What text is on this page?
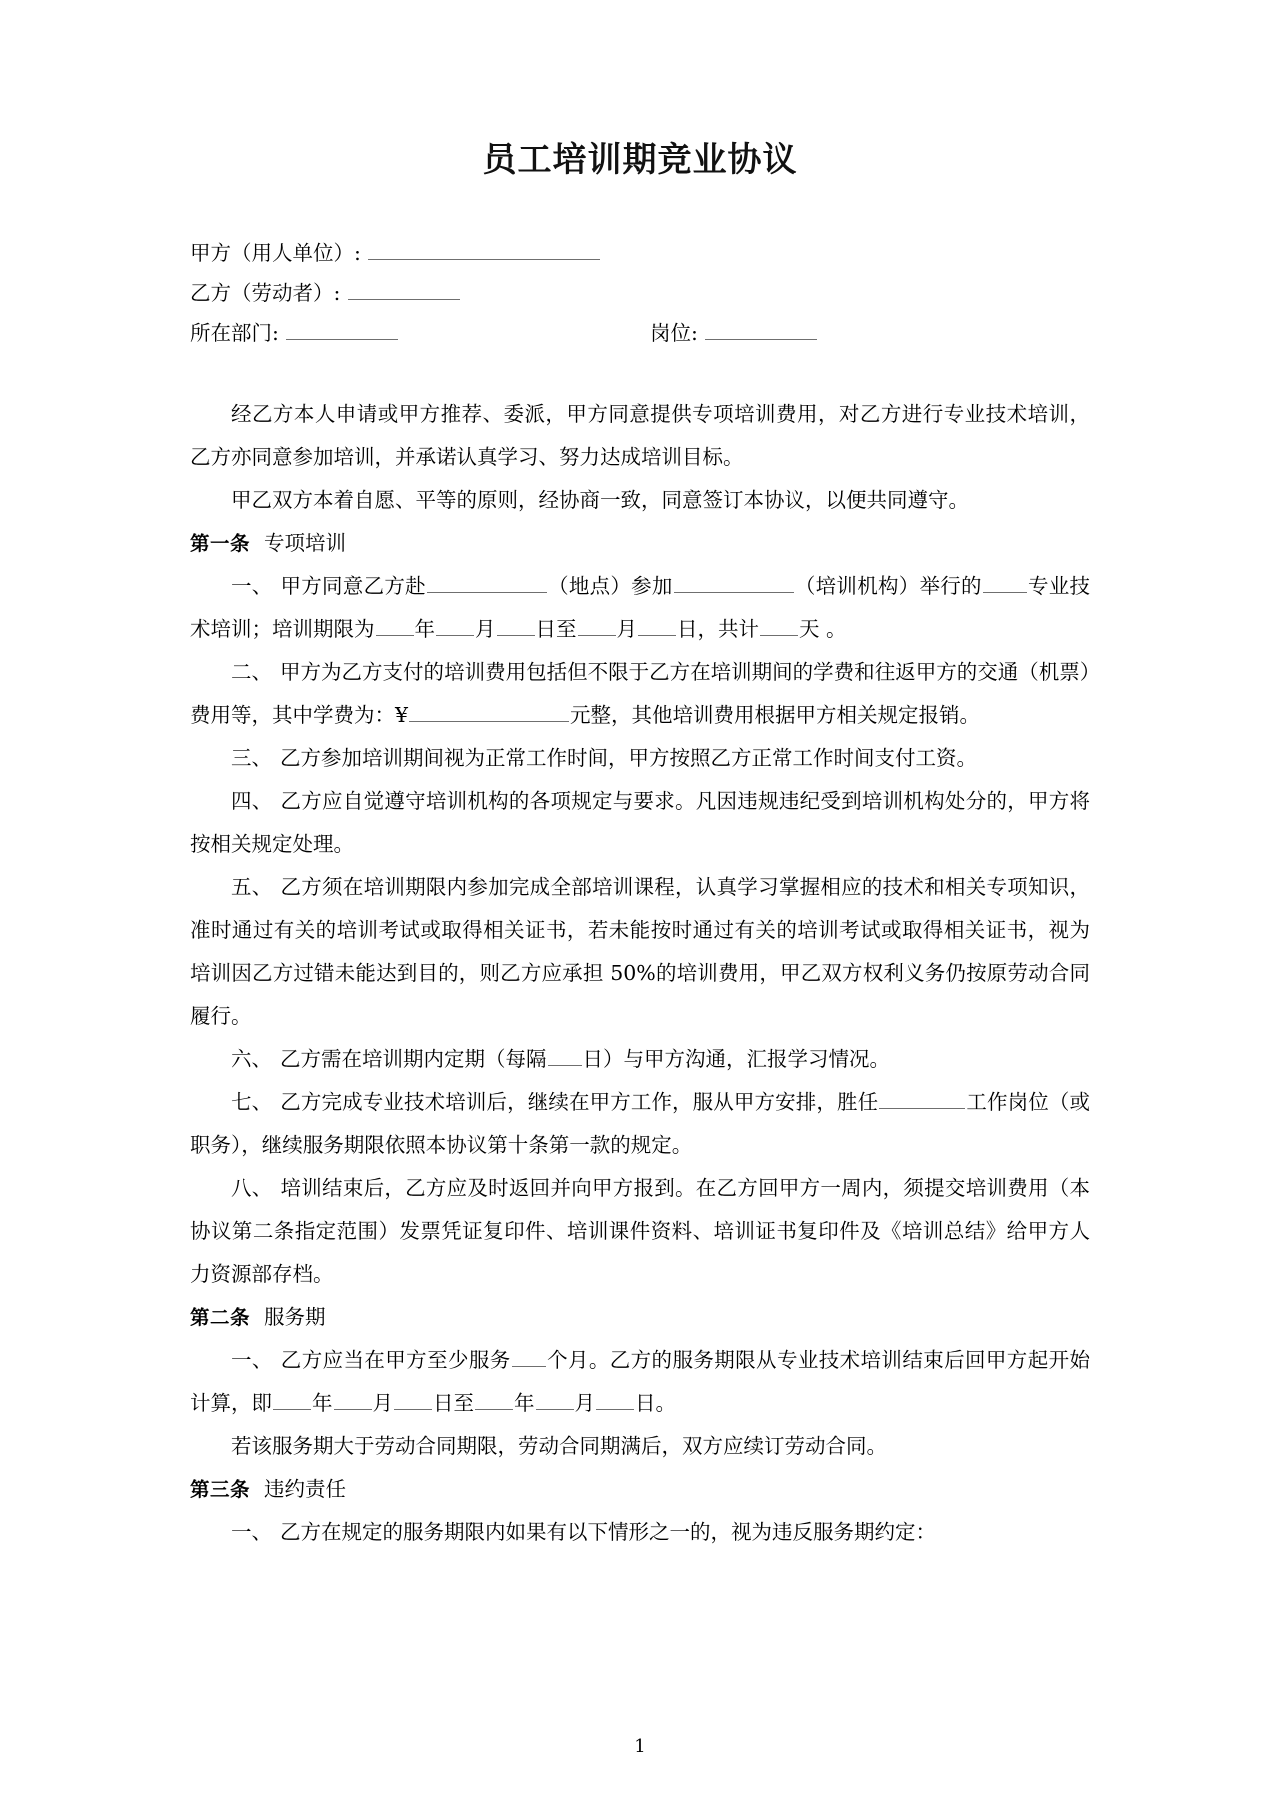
员工培训期竞业协议
甲方（用人单位）:
乙方（劳动者）:
所在部门:	岗位:

经乙方本人申请或甲方推荐、委派，甲方同意提供专项培训费用，对乙方进行专业技术培训，乙方亦同意参加培训，并承诺认真学习、努力达成培训目标。

甲乙双方本着自愿、平等的原则，经协商一致，同意签订本协议，以便共同遵守。

第一条 专项培训

一、 甲方同意乙方赴	（地点）参加	（培训机构）举行的 专业技术培训；培训期限为 年 月 日至 月 日，共计 天 。

二、 甲方为乙方支付的培训费用包括但不限于乙方在培训期间的学费和往返甲方的交通（机票）费用等，其中学费为：¥	元整，其他培训费用根据甲方相关规定报销。

三、 乙方参加培训期间视为正常工作时间，甲方按照乙方正常工作时间支付工资。

四、 乙方应自觉遵守培训机构的各项规定与要求。凡因违规违纪受到培训机构处分的，甲方将按相关规定处理。

五、 乙方须在培训期限内参加完成全部培训课程，认真学习掌握相应的技术和相关专项知识，准时通过有关的培训考试或取得相关证书，若未能按时通过有关的培训考试或取得相关证书，视为培训因乙方过错未能达到目的，则乙方应承担 50%的培训费用，甲乙双方权利义务仍按原劳动合同履行。

六、 乙方需在培训期内定期（每隔 日）与甲方沟通，汇报学习情况。

七、 乙方完成专业技术培训后，继续在甲方工作，服从甲方安排，胜任	工作岗位（或职务），继续服务期限依照本协议第十条第一款的规定。

八、 培训结束后，乙方应及时返回并向甲方报到。在乙方回甲方一周内，须提交培训费用（本协议第二条指定范围）发票凭证复印件、培训课件资料、培训证书复印件及《培训总结》给甲方人力资源部存档。

第二条 服务期

一、 乙方应当在甲方至少服务 个月。乙方的服务期限从专业技术培训结束后回甲方起开始计算，即 年 月 日至 年 月 日。

若该服务期大于劳动合同期限，劳动合同期满后，双方应续订劳动合同。

第三条 违约责任

一、 乙方在规定的服务期限内如果有以下情形之一的，视为违反服务期约定：

1
